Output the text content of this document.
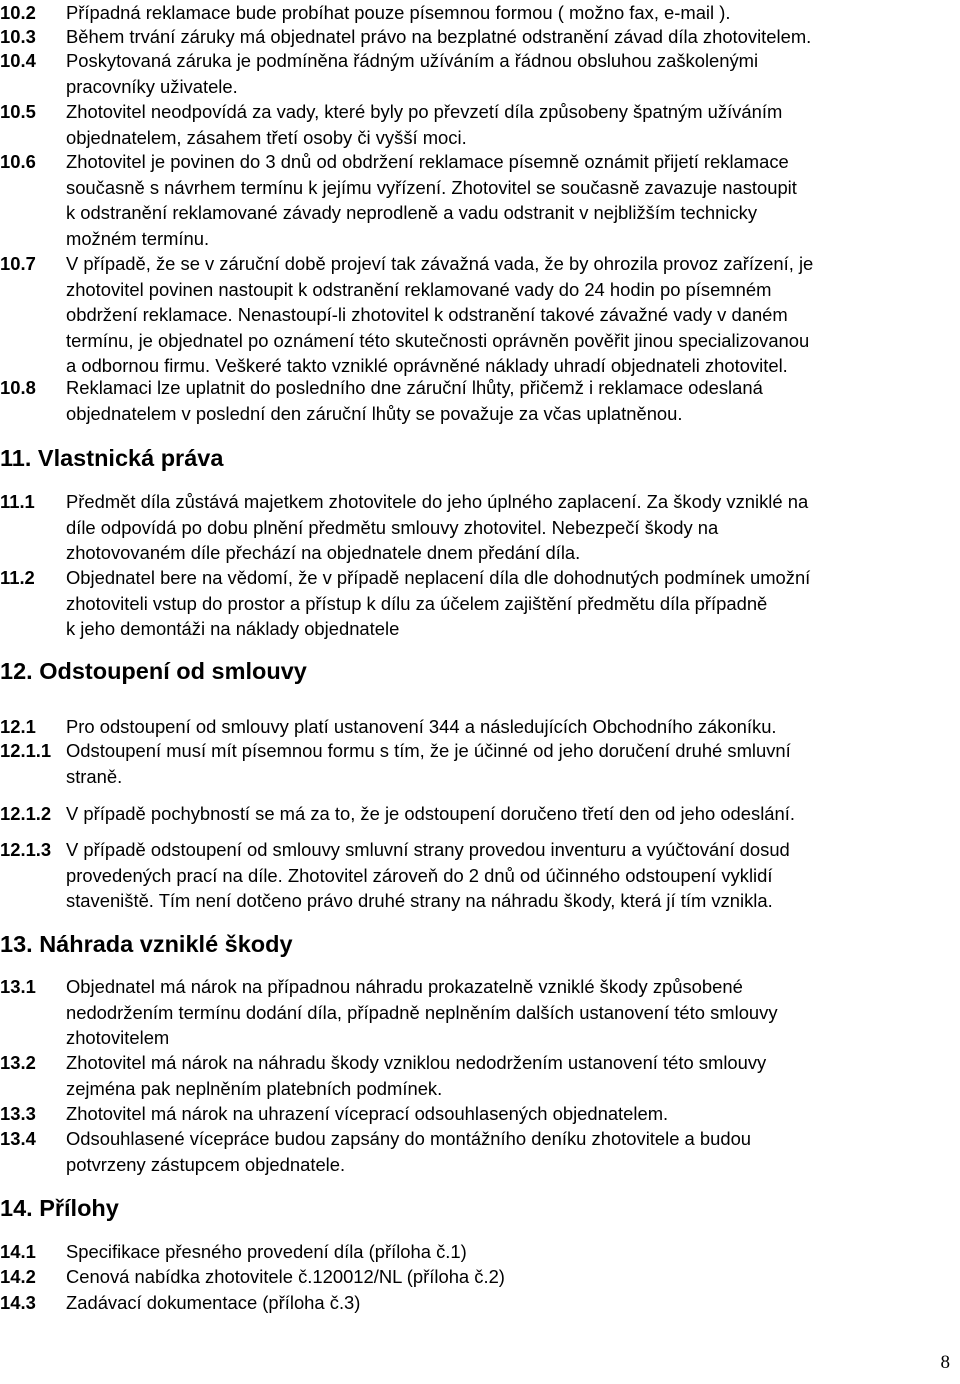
10.2	Případná reklamace bude probíhat pouze písemnou formou ( možno fax, e-mail ).
10.3	Během trvání záruky má objednatel právo na bezplatné odstranění závad díla zhotovitelem.
10.4	Poskytovaná záruka je podmíněna řádným užíváním a řádnou obsluhou zaškolenými
pracovníky uživatele.
10.5	Zhotovitel neodpovídá za vady, které byly po převzetí díla způsobeny špatným užíváním
objednatelem, zásahem třetí osoby či vyšší moci.
10.6	Zhotovitel je povinen do 3 dnů od obdržení reklamace písemně oznámit přijetí reklamace
současně s návrhem termínu k jejímu vyřízení. Zhotovitel se současně zavazuje nastoupit
k odstranění reklamované závady neprodleně a vadu odstranit v nejbližším technicky
možném termínu.
10.7	V případě, že se v záruční době projeví tak závažná vada, že by ohrozila provoz zařízení, je
zhotovitel povinen nastoupit k odstranění reklamované vady do 24 hodin po písemném
obdržení reklamace. Nenastoupí-li zhotovitel k odstranění takové závažné vady v daném
termínu, je objednatel po oznámení této skutečnosti oprávněn pověřit jinou specializovanou
a odbornou firmu. Veškeré takto vzniklé oprávněné náklady uhradí objednateli zhotovitel.
10.8	Reklamaci lze uplatnit do posledního dne záruční lhůty, přičemž i reklamace odeslaná
objednatelem v poslední den záruční lhůty se považuje za včas uplatněnou.
11. Vlastnická práva
11.1	Předmět díla zůstává majetkem zhotovitele do jeho úplného zaplacení. Za škody vzniklé na
díle odpovídá po dobu plnění předmětu smlouvy zhotovitel. Nebezpečí škody na
zhotovovaném díle přechází na objednatele dnem předání díla.
11.2	Objednatel bere na vědomí, že v případě neplacení díla dle dohodnutých podmínek umožní
zhotoviteli vstup do prostor a přístup k dílu za účelem zajištění předmětu díla případně
k jeho demontáži na náklady objednatele
12. Odstoupení od smlouvy
12.1	Pro odstoupení od smlouvy platí ustanovení 344 a následujících Obchodního zákoníku.
12.1.1 Odstoupení musí mít písemnou formu s tím, že je účinné od jeho doručení druhé smluvní
straně.
12.1.2 V případě pochybností se má za to, že je odstoupení doručeno třetí den od jeho odeslání.
12.1.3 V případě odstoupení od smlouvy smluvní strany provedou inventuru a vyúčtování dosud
provedených prací na díle. Zhotovitel zároveň do 2 dnů od účinného odstoupení vyklidí
staveniště. Tím není dotčeno právo druhé strany na náhradu škody, která jí tím vznikla.
13. Náhrada vzniklé škody
13.1	Objednatel má nárok na případnou náhradu prokazatelně vzniklé škody způsobené
nedodržením termínu dodání díla, případně neplněním dalších ustanovení této smlouvy
zhotovitelem
13.2	Zhotovitel má nárok na náhradu škody vzniklou nedodržením ustanovení této smlouvy
zejména pak neplněním platebních podmínek.
13.3	Zhotovitel má nárok na uhrazení víceprací odsouhlasených objednatelem.
13.4	Odsouhlasené vícepráce budou zapsány do montážního deníku zhotovitele a budou
potvrzeny zástupcem objednatele.
14. Přílohy
14.1	Specifikace přesného provedení díla (příloha č.1)
14.2	Cenová nabídka zhotovitele č.120012/NL (příloha č.2)
14.3	Zadávací dokumentace (příloha č.3)
8
